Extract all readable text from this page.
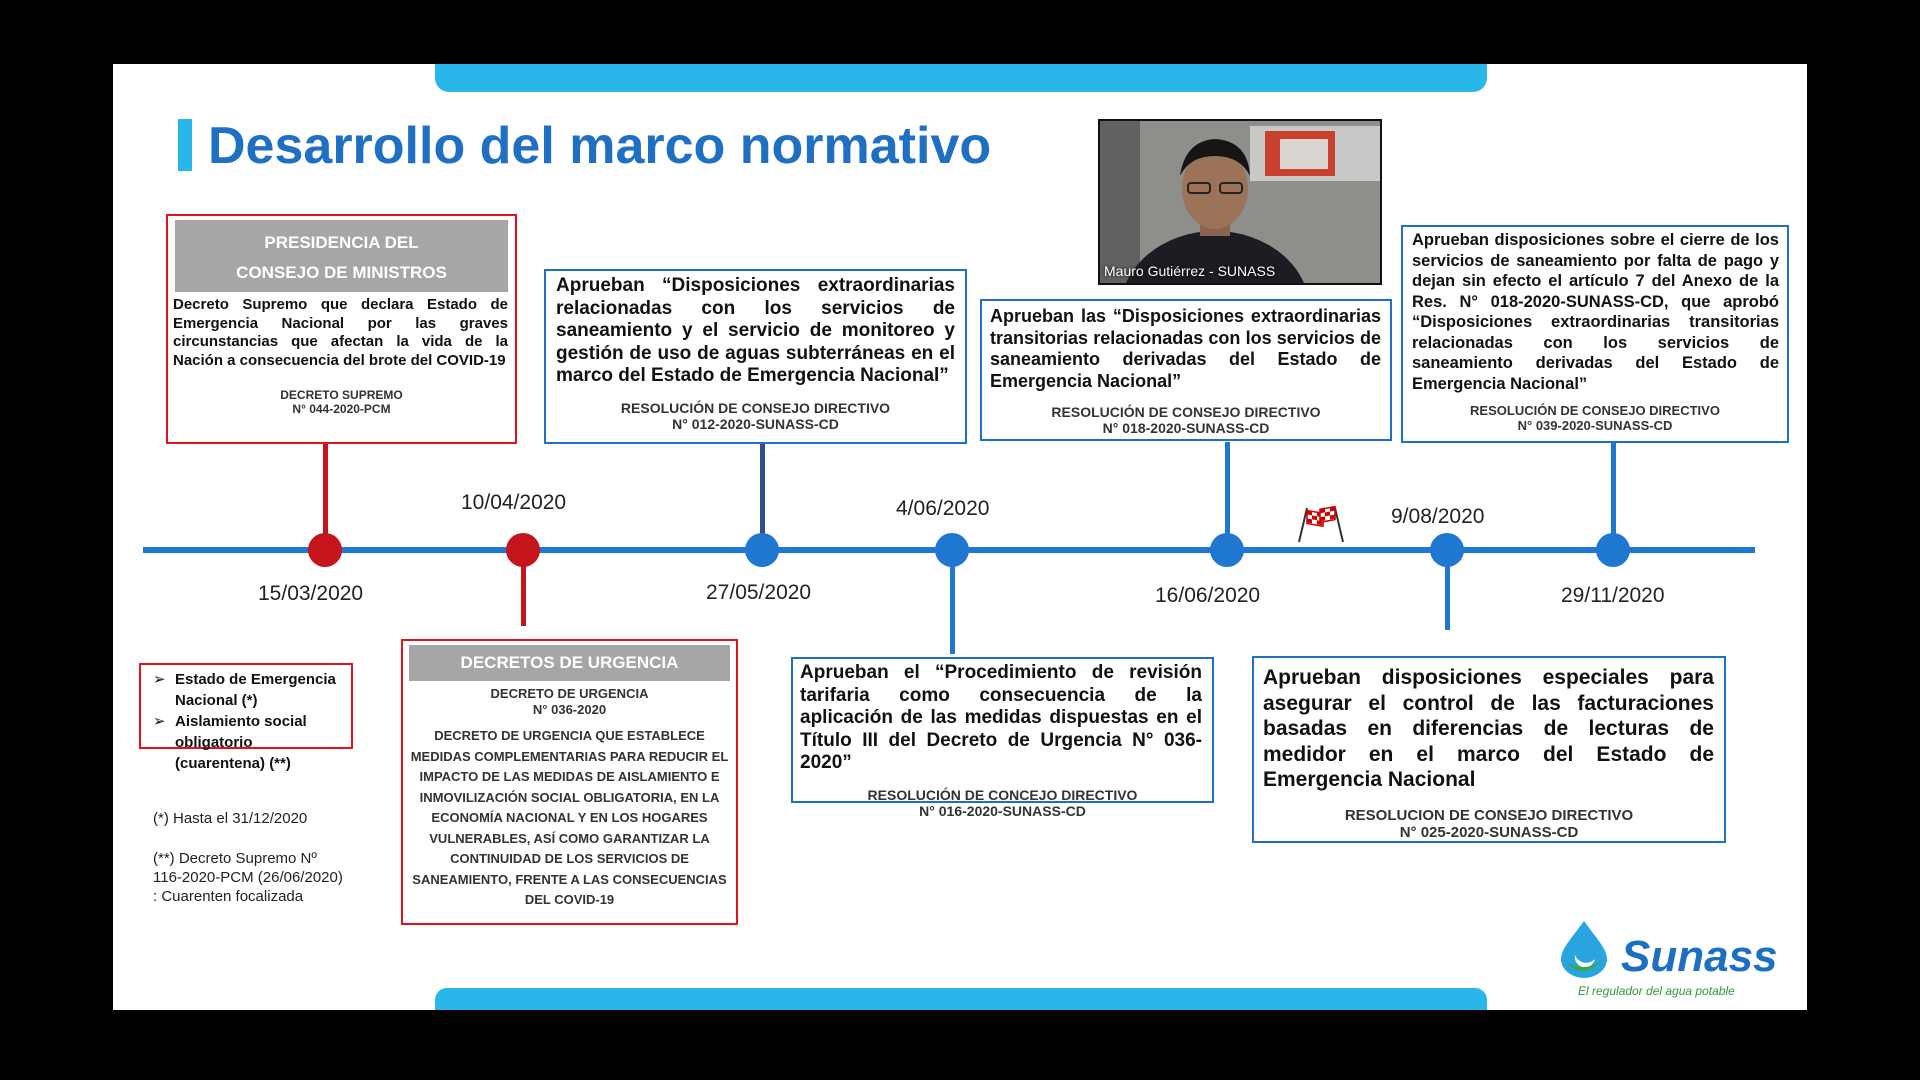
Desarrollo del marco normativo
Mauro Gutiérrez - SUNASS
15/03/2020
10/04/2020
27/05/2020
4/06/2020
16/06/2020
9/08/2020
29/11/2020
PRESIDENCIA DEL CONSEJO DE MINISTROS
Decreto Supremo que declara Estado de Emergencia Nacional por las graves circunstancias que afectan la vida de la Nación a consecuencia del brote del COVID-19
DECRETO SUPREMO
N° 044-2020-PCM
DECRETOS DE URGENCIA
DECRETO DE URGENCIA
N° 036-2020
DECRETO DE URGENCIA QUE ESTABLECE MEDIDAS COMPLEMENTARIAS PARA REDUCIR EL IMPACTO DE LAS MEDIDAS DE AISLAMIENTO E INMOVILIZACIÓN SOCIAL OBLIGATORIA, EN LA ECONOMÍA NACIONAL Y EN LOS HOGARES VULNERABLES, ASÍ COMO GARANTIZAR LA CONTINUIDAD DE LOS SERVICIOS DE SANEAMIENTO, FRENTE A LAS CONSECUENCIAS DEL COVID-19
Aprueban “Disposiciones extraordinarias relacionadas con los servicios de saneamiento y el servicio de monitoreo y gestión de uso de aguas subterráneas en el marco del Estado de Emergencia Nacional”
RESOLUCIÓN DE CONSEJO DIRECTIVO
N° 012-2020-SUNASS-CD
Aprueban el “Procedimiento de revisión tarifaria como consecuencia de la aplicación de las medidas dispuestas en el Título III del Decreto de Urgencia N° 036-2020”
RESOLUCIÓN DE CONCEJO DIRECTIVO
N° 016-2020-SUNASS-CD
Aprueban las “Disposiciones extraordinarias transitorias relacionadas con los servicios de saneamiento derivadas del Estado de Emergencia Nacional”
RESOLUCIÓN DE CONSEJO DIRECTIVO
N° 018-2020-SUNASS-CD
Aprueban disposiciones especiales para asegurar el control de las facturaciones basadas en diferencias de lecturas de medidor en el marco del Estado de Emergencia Nacional
RESOLUCION DE CONSEJO DIRECTIVO
N° 025-2020-SUNASS-CD
Aprueban disposiciones sobre el cierre de los servicios de saneamiento por falta de pago y dejan sin efecto el artículo 7 del Anexo de la Res. N° 018-2020-SUNASS-CD, que aprobó “Disposiciones extraordinarias transitorias relacionadas con los servicios de saneamiento derivadas del Estado de Emergencia Nacional”
RESOLUCIÓN DE CONSEJO DIRECTIVO
N° 039-2020-SUNASS-CD
➢ Estado de Emergencia Nacional (*)
➢ Aislamiento social obligatorio (cuarentena) (**)
(*) Hasta el 31/12/2020
(**) Decreto Supremo Nº 116-2020-PCM (26/06/2020) : Cuarenten focalizada
Sunass
El regulador del agua potable
